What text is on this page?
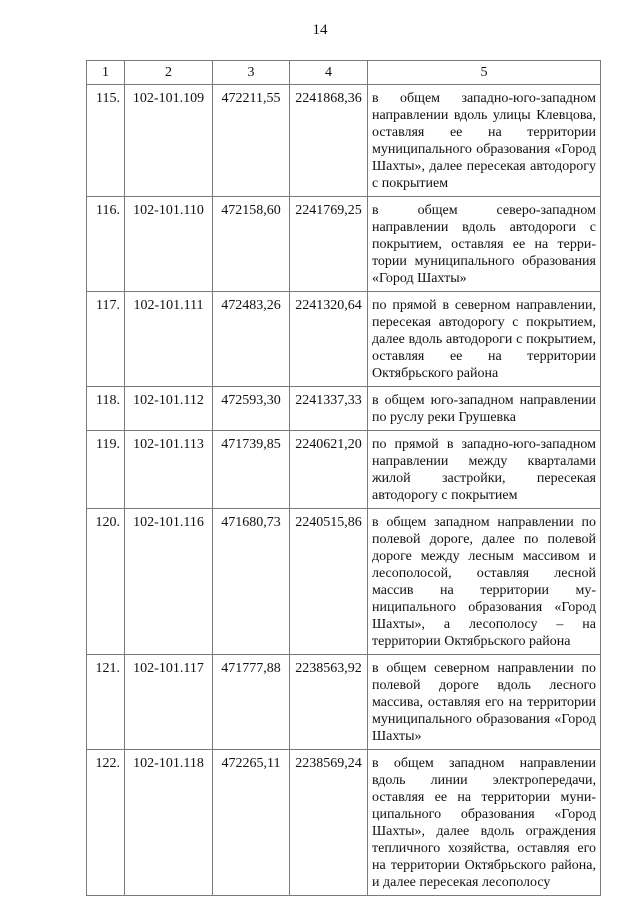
14
1	2	3	4	5
115.	102-101.109	472211,55	2241868,36	в общем западно-юго-западном направлении вдоль улицы Клевцова, оставляя ее на территории муниципального образования «Город Шахты», далее пересекая автодорогу с покрытием
116.	102-101.110	472158,60	2241769,25	в общем северо-западном направлении вдоль автодороги с покрытием, оставляя ее на территории муниципального образования «Город Шахты»
117.	102-101.111	472483,26	2241320,64	по прямой в северном направлении, пересекая автодорогу с покрытием, далее вдоль автодороги с покрытием, оставляя ее на территории Октябрьского района
118.	102-101.112	472593,30	2241337,33	в общем юго-западном направлении по руслу реки Грушевка
119.	102-101.113	471739,85	2240621,20	по прямой в западно-юго-западном направлении между кварталами жилой застройки, пересекая автодорогу с покрытием
120.	102-101.116	471680,73	2240515,86	в общем западном направлении по полевой дороге, далее по полевой дороге между лесным массивом и лесополосой, оставляя лесной массив на территории муниципального образования «Город Шахты», а лесополосу – на территории Октябрьского района
121.	102-101.117	471777,88	2238563,92	в общем северном направлении по полевой дороге вдоль лесного массива, оставляя его на территории муниципального образования «Город Шахты»
122.	102-101.118	472265,11	2238569,24	в общем западном направлении вдоль линии электропередачи, оставляя ее на территории муниципального образования «Город Шахты», далее вдоль ограждения тепличного хозяйства, оставляя его на территории Октябрьского района, и далее пересекая лесополосу
